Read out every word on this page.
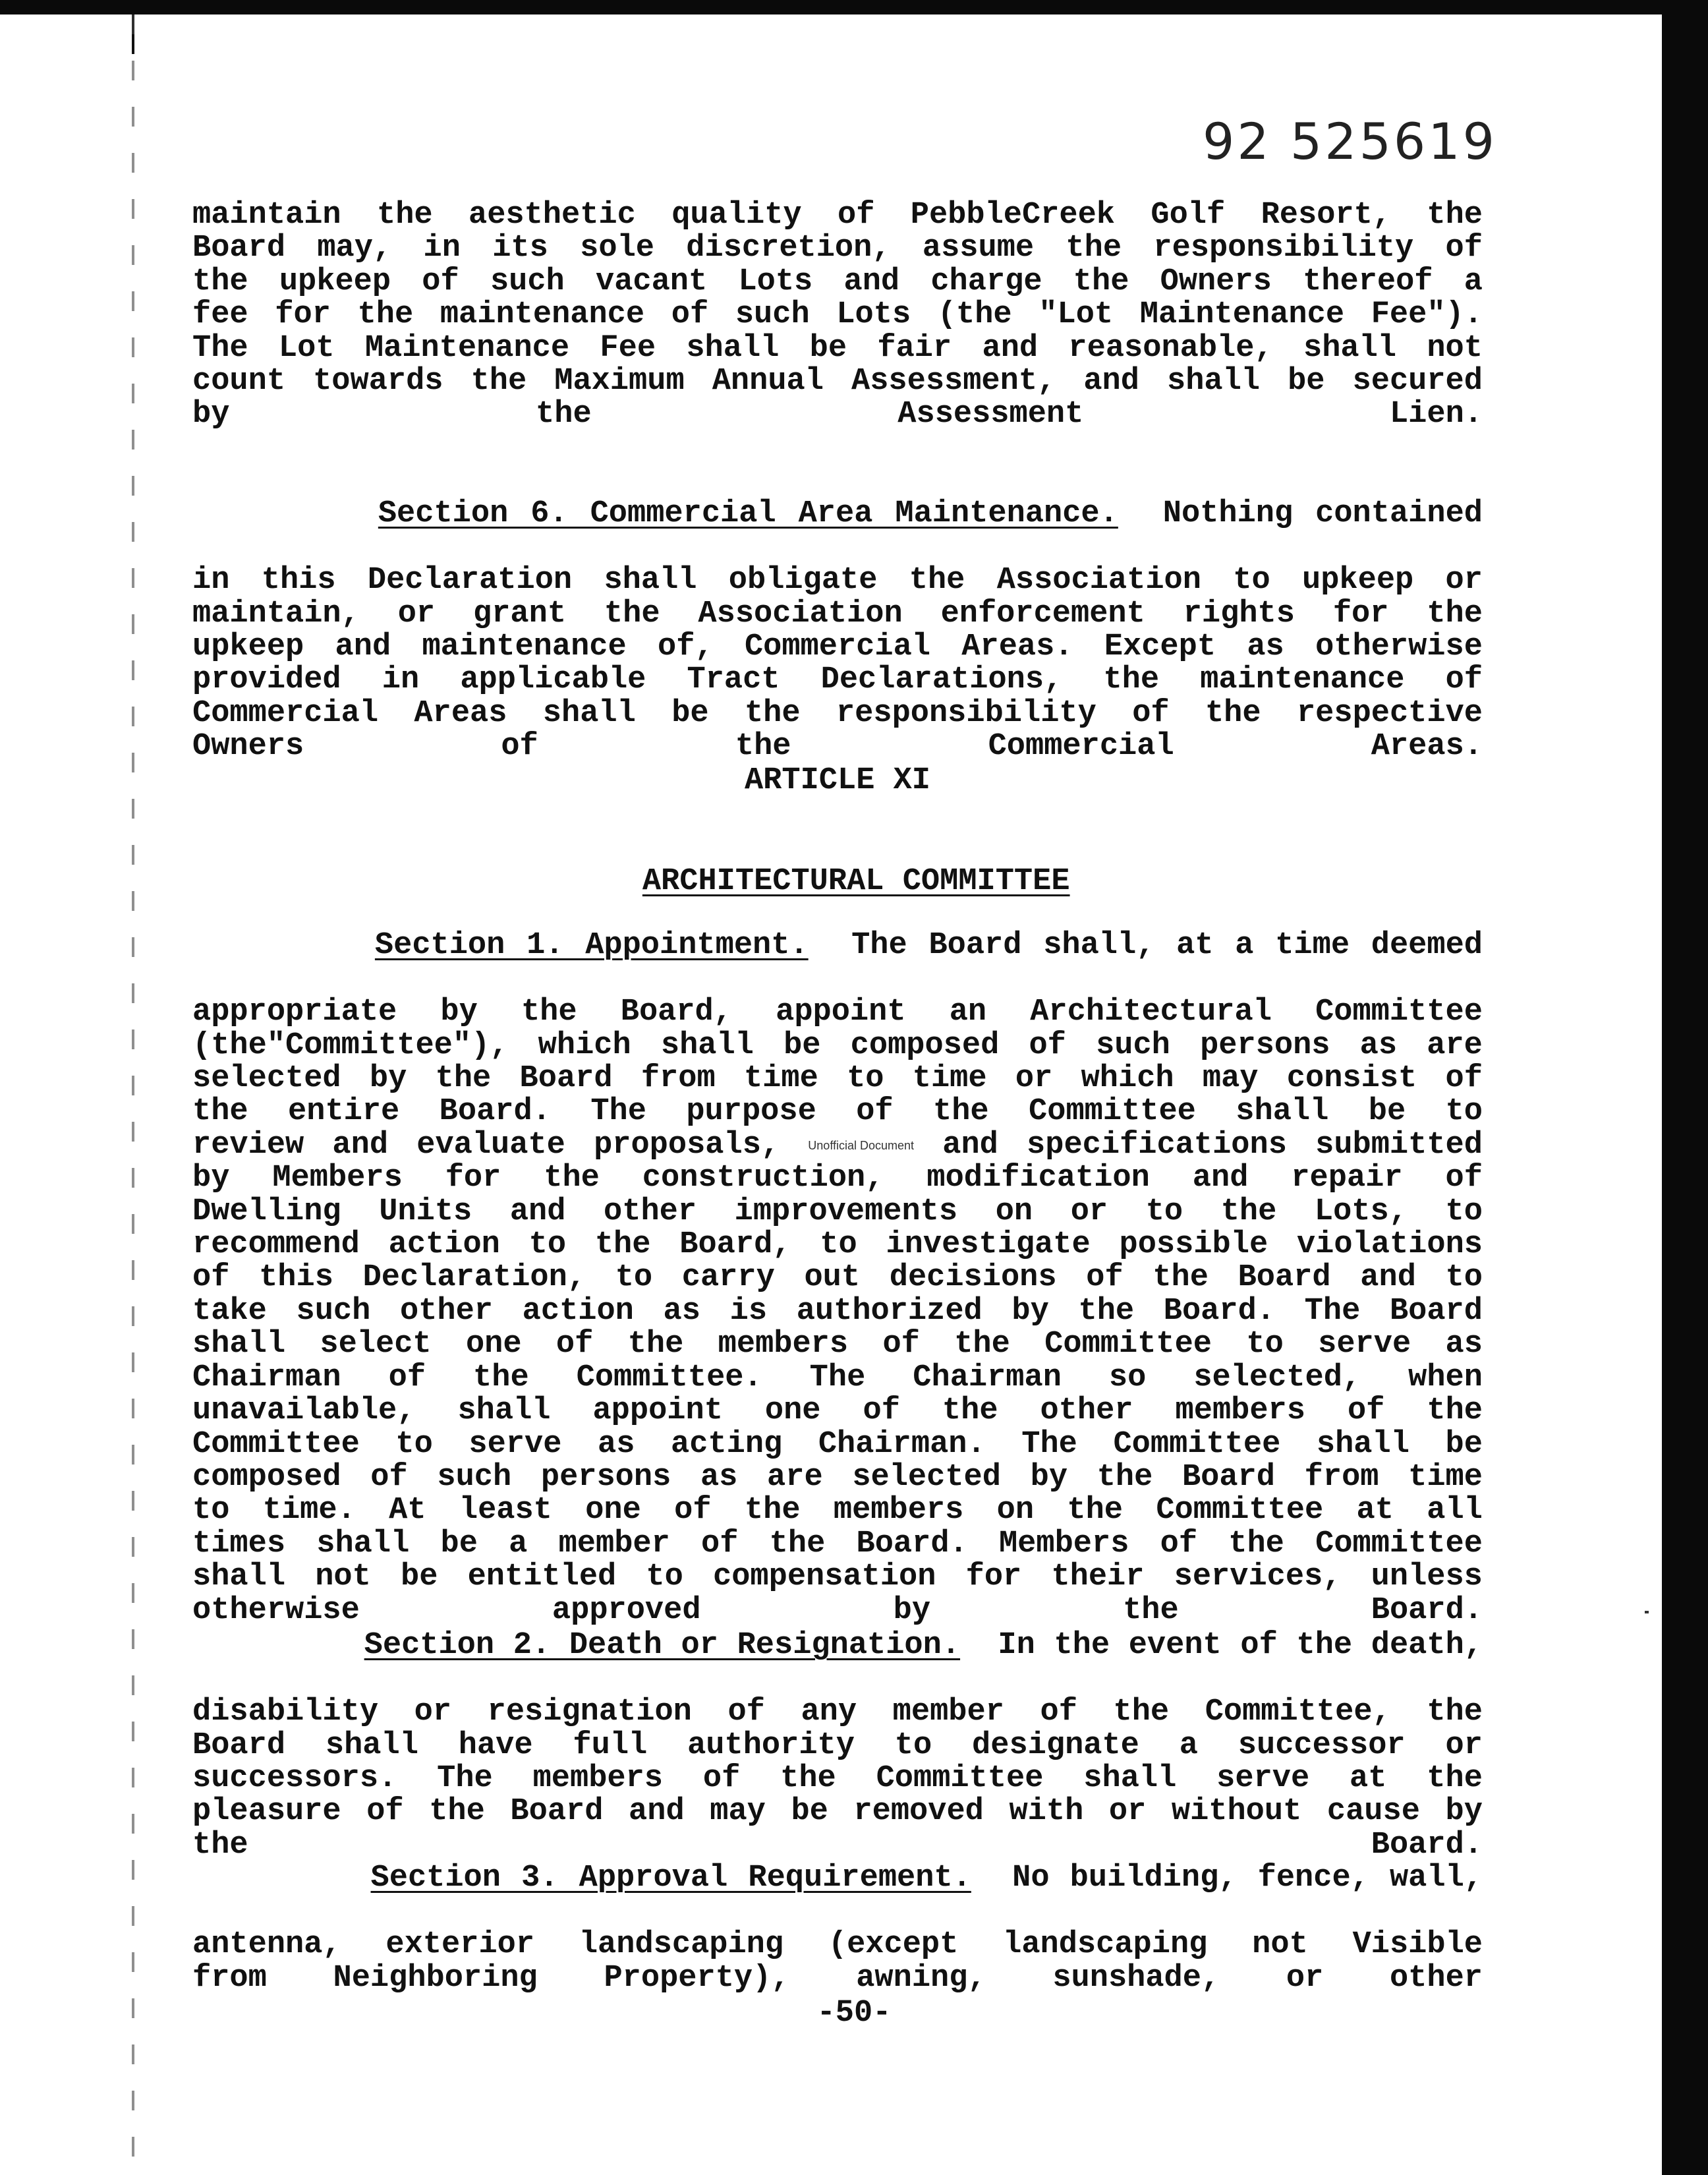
92 525619
maintain the aesthetic quality of PebbleCreek Golf Resort, the
Board may, in its sole discretion, assume the responsibility of
the upkeep of such vacant Lots and charge the Owners thereof a
fee for the maintenance of such Lots (the "Lot Maintenance Fee").
The Lot Maintenance Fee shall be fair and reasonable, shall not
count towards the Maximum Annual Assessment, and shall be secured
by the Assessment Lien.

Section 6. Commercial Area Maintenance.  Nothing contained

in this Declaration shall obligate the Association to upkeep or
maintain, or grant the Association enforcement rights for the
upkeep and maintenance of, Commercial Areas. Except as otherwise
provided in applicable Tract Declarations, the maintenance of
Commercial Areas shall be the responsibility of the respective
Owners of the Commercial Areas.
ARTICLE XI

ARCHITECTURAL COMMITTEE

Section 1. Appointment.  The Board shall, at a time deemed

appropriate by the Board, appoint an Architectural Committee
(the"Committee"), which shall be composed of such persons as are
selected by the Board from time to time or which may consist of
the entire Board. The purpose of the Committee shall be to
review and evaluate proposals, Unofficial Document and specifications submitted
by Members for the construction, modification and repair of
Dwelling Units and other improvements on or to the Lots, to
recommend action to the Board, to investigate possible violations
of this Declaration, to carry out decisions of the Board and to
take such other action as is authorized by the Board. The Board
shall select one of the members of the Committee to serve as
Chairman of the Committee. The Chairman so selected, when
unavailable, shall appoint one of the other members of the
Committee to serve as acting Chairman. The Committee shall be
composed of such persons as are selected by the Board from time
to time. At least one of the members on the Committee at all
times shall be a member of the Board. Members of the Committee
shall not be entitled to compensation for their services, unless
otherwise approved by the Board.

Section 2. Death or Resignation.  In the event of the death,

disability or resignation of any member of the Committee, the
Board shall have full authority to designate a successor or
successors. The members of the Committee shall serve at the
pleasure of the Board and may be removed with or without cause by
the Board.

Section 3. Approval Requirement.  No building, fence, wall,

antenna, exterior landscaping (except landscaping not Visible
from Neighboring Property), awning, sunshade, or other
-50-
